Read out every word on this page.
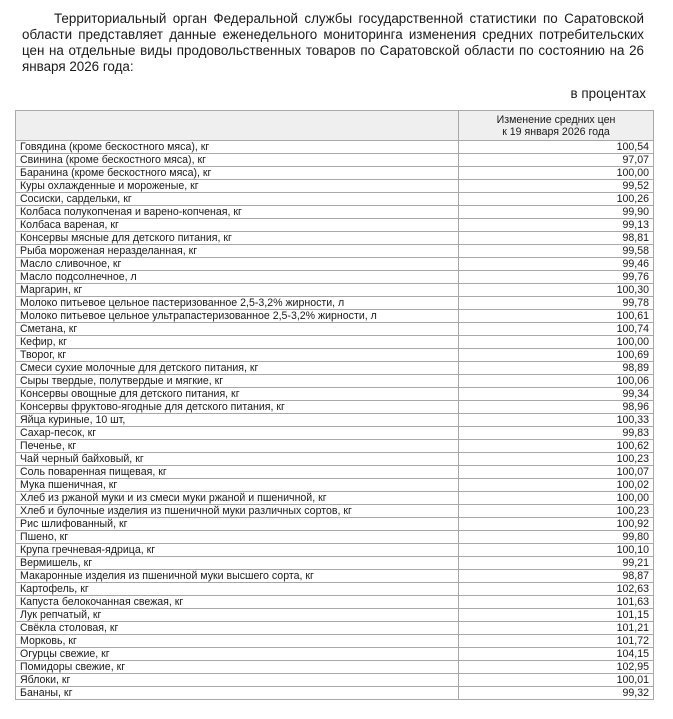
Территориальный орган Федеральной службы государственной статистики по Саратовской области представляет данные еженедельного мониторинга изменения средних потребительских цен на отдельные виды продовольственных товаров по Саратовской области по состоянию на 26 января 2026 года:

в процентах

	Изменение средних цен
к 19 января 2026 года

Говядина (кроме бескостного мяса), кг	100,54
Свинина (кроме бескостного мяса), кг	97,07
Баранина (кроме бескостного мяса), кг	100,00
Куры охлажденные и мороженые, кг	99,52
Сосиски, сардельки, кг	100,26
Колбаса полукопченая и варено-копченая, кг	99,90
Колбаса вареная, кг	99,13
Консервы мясные для детского питания, кг	98,81
Рыба мороженая неразделанная, кг	99,58
Масло сливочное, кг	99,46
Масло подсолнечное, л	99,76
Маргарин, кг	100,30
Молоко питьевое цельное пастеризованное 2,5-3,2% жирности, л	99,78
Молоко питьевое цельное ультрапастеризованное 2,5-3,2% жирности, л	100,61
Сметана, кг	100,74
Кефир, кг	100,00
Творог, кг	100,69
Смеси сухие молочные для детского питания, кг	98,89
Сыры твердые, полутвердые и мягкие, кг	100,06
Консервы овощные для детского питания, кг	99,34
Консервы фруктово-ягодные для детского питания, кг	98,96
Яйца куриные, 10 шт,	100,33
Сахар-песок, кг	99,83
Печенье, кг	100,62
Чай черный байховый, кг	100,23
Соль поваренная пищевая, кг	100,07
Мука пшеничная, кг	100,02
Хлеб из ржаной муки и из смеси муки ржаной и пшеничной, кг	100,00
Хлеб и булочные изделия из пшеничной муки различных сортов, кг	100,23
Рис шлифованный, кг	100,92
Пшено, кг	99,80
Крупа гречневая-ядрица, кг	100,10
Вермишель, кг	99,21
Макаронные изделия из пшеничной муки высшего сорта, кг	98,87
Картофель, кг	102,63
Капуста белокочанная свежая, кг	101,63
Лук репчатый, кг	101,15
Свёкла столовая, кг	101,21
Морковь, кг	101,72
Огурцы свежие, кг	104,15
Помидоры свежие, кг	102,95
Яблоки, кг	100,01
Бананы, кг	99,32
